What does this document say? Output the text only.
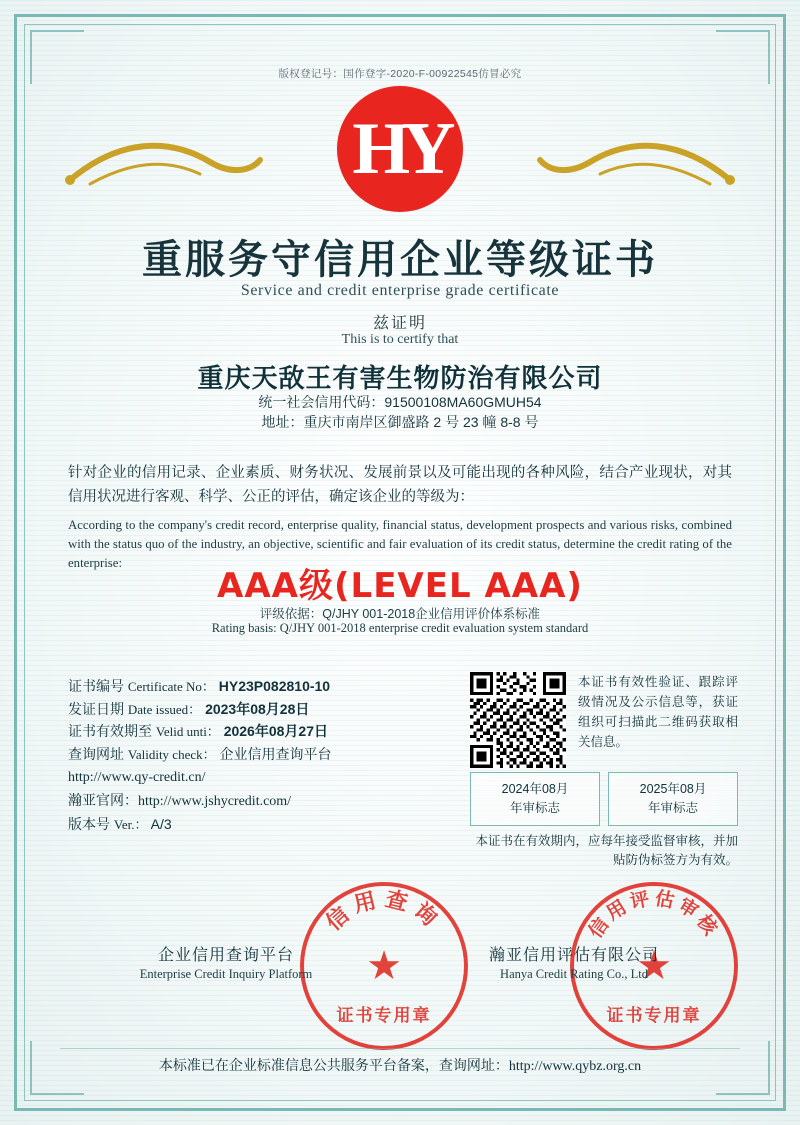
版权登记号：国作登字-2020-F-00922545仿冒必究
HY
重服务守信用企业等级证书
Service and credit enterprise grade certificate
兹证明
This is to certify that
重庆天敌王有害生物防治有限公司
统一社会信用代码：91500108MA60GMUH54
地址：重庆市南岸区御盛路 2 号 23 幢 8-8 号
针对企业的信用记录、企业素质、财务状况、发展前景以及可能出现的各种风险，结合产业现状，对其信用状况进行客观、科学、公正的评估，确定该企业的等级为：
According to the company's credit record, enterprise quality, financial status, development prospects and various risks, combined with the status quo of the industry, an objective, scientific and fair evaluation of its credit status, determine the credit rating of the enterprise:
AAA级(LEVEL AAA)
评级依据：Q/JHY 001-2018企业信用评价体系标准
Rating basis: Q/JHY 001-2018 enterprise credit evaluation system standard
证书编号 Certificate No： HY23P082810-10
发证日期 Date issued： 2023年08月28日
证书有效期至 Velid unti： 2026年08月27日
查询网址 Validity check： 企业信用查询平台
http://www.qy-credit.cn/
瀚亚官网：http://www.jshycredit.com/
版本号 Ver.： A/3
本证书有效性验证、跟踪评级情况及公示信息等，获证组织可扫描此二维码获取相关信息。
2024年08月
年审标志
2025年08月
年审标志
本证书在有效期内，应每年接受监督审核，并加贴防伪标签方为有效。
信用查询
★
证书专用章
信用评估审核
★
证书专用章
企业信用查询平台
Enterprise Credit Inquiry Platform
瀚亚信用评估有限公司
Hanya Credit Rating Co., Ltd
本标准已在企业标准信息公共服务平台备案，查询网址：http://www.qybz.org.cn
